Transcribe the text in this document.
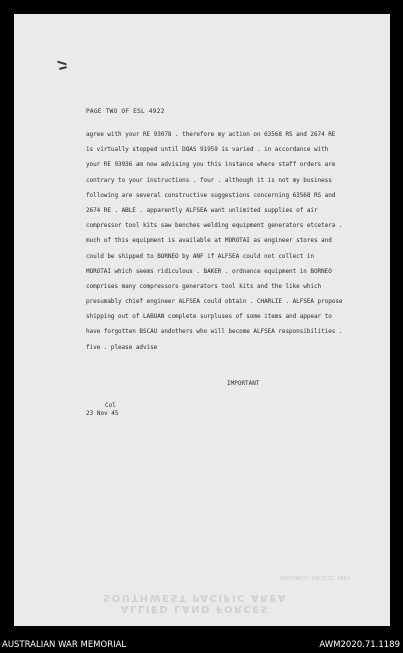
PAGE TWO OF ESL 4922
agree with your RE 93078 . therefore my action on 63568 RS and 2674 RE
is virtually stopped until DOAS 91959 is varied . in accordance with
your RE 93936 am now advising you this instance where staff orders are
contrary to your instructions . four . although it is not my business
following are several constructive suggestions concerning 63568 RS and
2674 RE . ABLE . apparently ALFSEA want unlimited supplies of air
compressor tool kits saw benches welding equipment generators etcetera .
much of this equipment is available at MOROTAI as engineer stores and
could be shipped to BORNEO by ANF if ALFSEA could not collect in
MOROTAI which seems ridiculous . BAKER . ordnance equipment in BORNEO
comprises many compressors generators tool kits and the like which
presumably chief engineer ALFSEA could obtain . CHARLIE . ALFSEA propose
shipping out of LABUAN complete surpluses of some items and appear to
have forgotten BSCAU andothers who will become ALFSEA responsibilities .
five . please advise
IMPORTANT
Col
23 Nov 45
SOUTHWEST PACIFIC AREA
SOUTHWEST PACIFIC AREA
ALLIED LAND FORCES
AUSTRALIAN WAR MEMORIAL	AWM2020.71.1189
